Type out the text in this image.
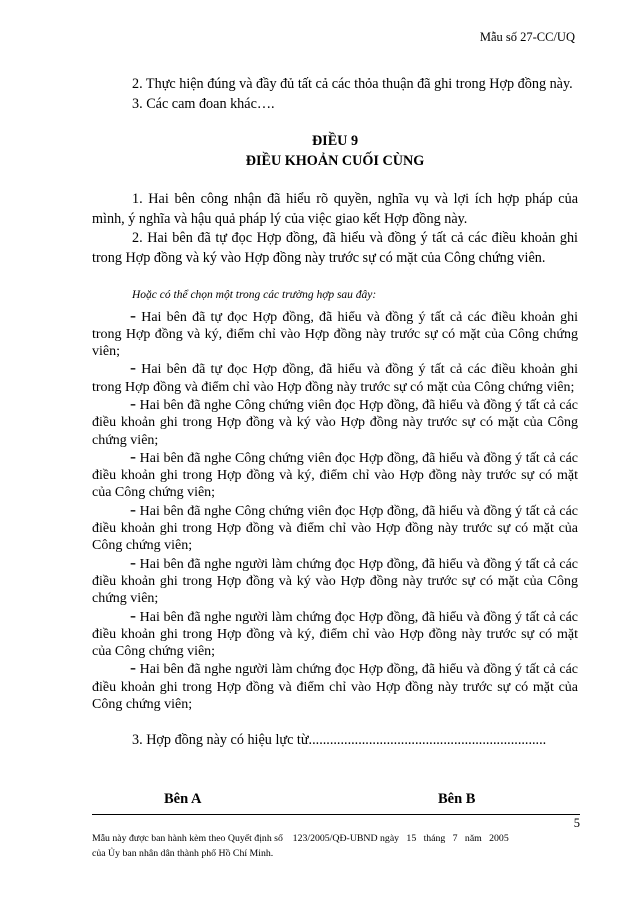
Mẫu số 27-CC/UQ

2. Thực hiện đúng và đầy đủ tất cả các thỏa thuận đã ghi trong Hợp đồng này.

3. Các cam đoan khác….

ĐIỀU 9

ĐIỀU KHOẢN CUỐI CÙNG

1. Hai bên công nhận đã hiểu rõ quyền, nghĩa vụ và lợi ích hợp pháp của mình, ý nghĩa và hậu quả pháp lý của việc giao kết Hợp đồng này.

2. Hai bên đã tự đọc Hợp đồng, đã hiểu và đồng ý tất cả các điều khoản ghi trong Hợp đồng và ký vào Hợp đồng này trước sự có mặt của Công chứng viên.

Hoặc có thể chọn một trong các trường hợp sau đây:

- Hai bên đã tự đọc Hợp đồng, đã hiểu và đồng ý tất cả các điều khoản ghi trong Hợp đồng và ký, điểm chỉ vào Hợp đồng này trước sự có mặt của Công chứng viên;

- Hai bên đã tự đọc Hợp đồng, đã hiểu và đồng ý tất cả các điều khoản ghi trong Hợp đồng và điểm chỉ vào Hợp đồng này trước sự có mặt của Công chứng viên;

- Hai bên đã nghe Công chứng viên đọc Hợp đồng, đã hiểu và đồng ý tất cả các điều khoản ghi trong Hợp đồng và ký vào Hợp đồng này trước sự có mặt của Công chứng viên;

- Hai bên đã nghe Công chứng viên đọc Hợp đồng, đã hiểu và đồng ý tất cả các điều khoản ghi trong Hợp đồng và ký, điểm chỉ vào Hợp đồng này trước sự có mặt của Công chứng viên;

- Hai bên đã nghe Công chứng viên đọc Hợp đồng, đã hiểu và đồng ý tất cả các điều khoản ghi trong Hợp đồng và điểm chỉ vào Hợp đồng này trước sự có mặt của Công chứng viên;

- Hai bên đã nghe người làm chứng đọc Hợp đồng, đã hiểu và đồng ý tất cả các điều khoản ghi trong Hợp đồng và ký vào Hợp đồng này trước sự có mặt của Công chứng viên;

- Hai bên đã nghe người làm chứng đọc Hợp đồng, đã hiểu và đồng ý tất cả các điều khoản ghi trong Hợp đồng và ký, điểm chỉ vào Hợp đồng này trước sự có mặt của Công chứng viên;

- Hai bên đã nghe người làm chứng đọc Hợp đồng, đã hiểu và đồng ý tất cả các điều khoản ghi trong Hợp đồng và điểm chỉ vào Hợp đồng này trước sự có mặt của Công chứng viên;

3. Hợp đồng này có hiệu lực từ...................................................................

Bên A	Bên B
5
Mẫu này được ban hành kèm theo Quyết định số    123/2005/QĐ-UBND ngày   15   tháng   7   năm   2005
của Ủy ban nhân dân thành phố Hồ Chí Minh.
